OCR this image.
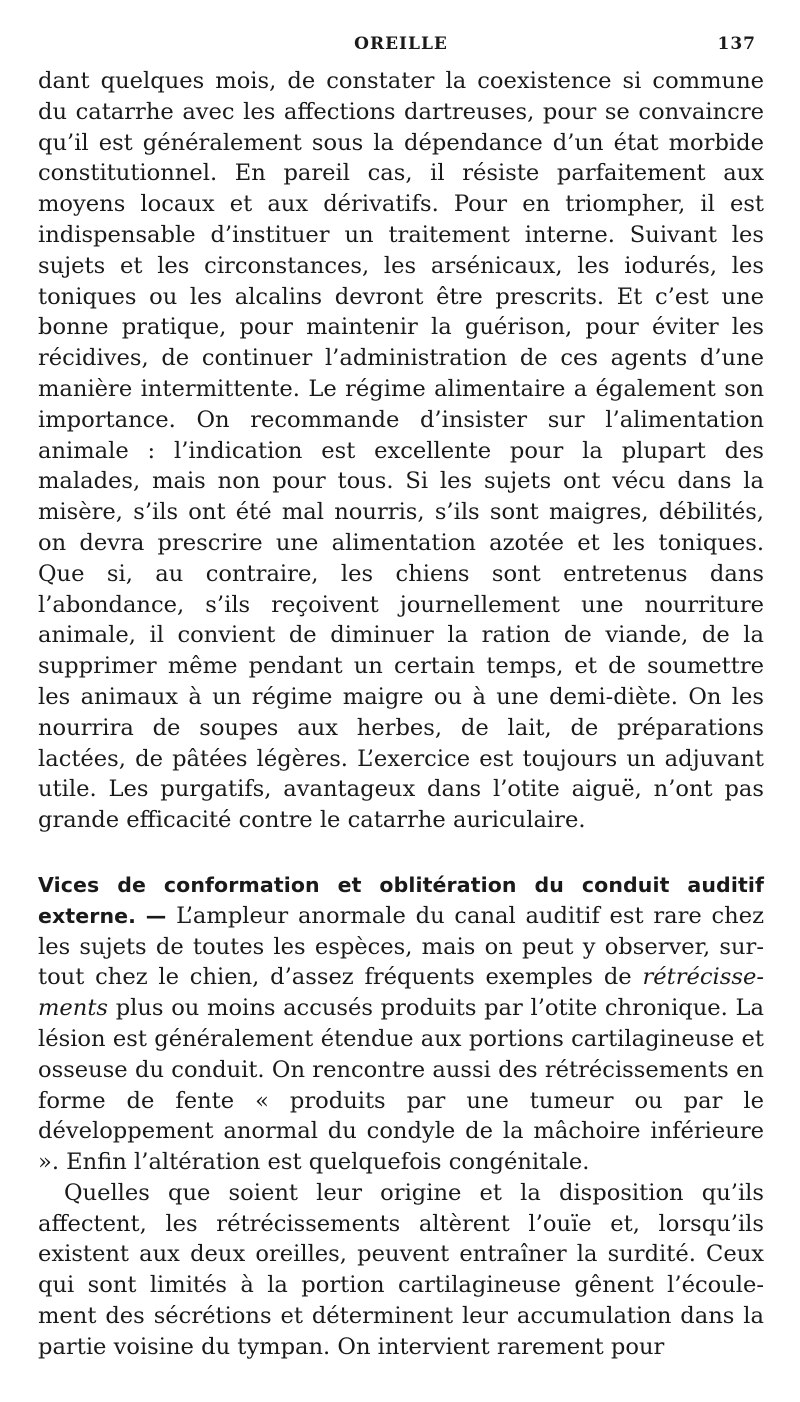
OREILLE	137

dant quelques mois, de constater la coexistence si commune du catarrhe avec les affections dartreuses, pour se convaincre qu’il est généralement sous la dépendance d’un état morbide constitutionnel. En pareil cas, il résiste parfaitement aux moyens locaux et aux dérivatifs. Pour en triompher, il est indispensable d’instituer un traitement interne. Suivant les sujets et les circonstances, les arsénicaux, les iodurés, les toniques ou les alcalins devront être prescrits. Et c’est une bonne pratique, pour maintenir la guérison, pour éviter les récidives, de continuer l’administration de ces agents d’une manière intermittente. Le régime alimentaire a également son importance. On recommande d’insister sur l’alimentation animale : l’indication est excellente pour la plupart des malades, mais non pour tous. Si les sujets ont vécu dans la misère, s’ils ont été mal nourris, s’ils sont maigres, débilités, on devra prescrire une alimentation azotée et les toniques. Que si, au contraire, les chiens sont entretenus dans l’abondance, s’ils reçoivent journellement une nourriture animale, il convient de diminuer la ration de viande, de la supprimer même pendant un certain temps, et de soumettre les animaux à un régime maigre ou à une demi-diète. On les nourrira de soupes aux herbes, de lait, de préparations lactées, de pâtées légères. L’exercice est toujours un adjuvant utile. Les purgatifs, avantageux dans l’otite aiguë, n’ont pas grande efficacité contre le catarrhe auriculaire.

Vices de conformation et oblitération du conduit auditif externe. — L’ampleur anormale du canal auditif est rare chez les sujets de toutes les espèces, mais on peut y observer, surtout chez le chien, d’assez fréquents exemples de rétrécissements plus ou moins accusés produits par l’otite chronique. La lésion est généralement étendue aux portions cartilagineuse et osseuse du conduit. On rencontre aussi des rétrécissements en forme de fente « produits par une tumeur ou par le développement anormal du condyle de la mâchoire inférieure ». Enfin l’altération est quelquefois congénitale.

Quelles que soient leur origine et la disposition qu’ils affectent, les rétrécissements altèrent l’ouïe et, lorsqu’ils existent aux deux oreilles, peuvent entraîner la surdité. Ceux qui sont limités à la portion cartilagineuse gênent l’écoulement des sécrétions et déterminent leur accumulation dans la partie voisine du tympan. On intervient rarement pour
